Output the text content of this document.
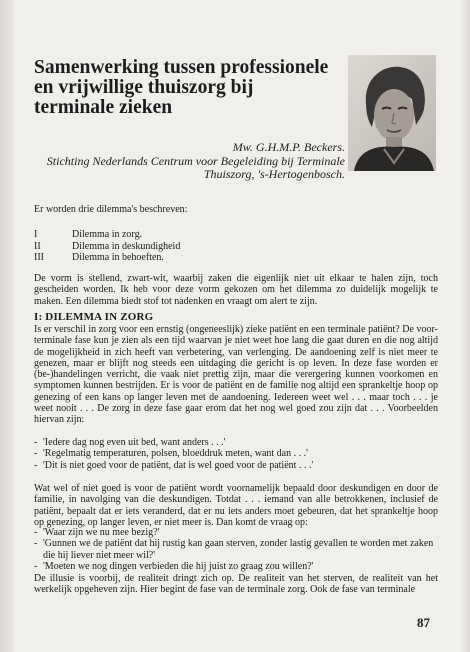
Samenwerking tussen professionele en vrijwillige thuiszorg bij terminale zieken
Mw. G.H.M.P. Beckers.
Stichting Nederlands Centrum voor Begeleiding bij Terminale Thuiszorg, 's-Hertogenbosch.

Er worden drie dilemma's beschreven:

I	Dilemma in zorg.
II	Dilemma in deskundigheid
III	Dilemma in behoeften.

De vorm is stellend, zwart-wit, waarbij zaken die eigenlijk niet uit elkaar te halen zijn, toch gescheiden worden. Ik heb voor deze vorm gekozen om het dilemma zo duidelijk mogelijk te maken. Een dilemma biedt stof tot nadenken en vraagt om alert te zijn.

I: DILEMMA IN ZORG

Is er verschil in zorg voor een ernstig (ongeneeslijk) zieke patiënt en een terminale patiënt? De voor-terminale fase kun je zien als een tijd waarvan je niet weet hoe lang die gaat duren en die nog altijd de mogelijkheid in zich heeft van verbetering, van verlenging. De aandoening zelf is niet meer te genezen, maar er blijft nog steeds een uitdaging die gericht is op leven. In deze fase worden er (be-)handelingen verricht, die vaak niet prettig zijn, maar die verergering kunnen voorkomen en symptomen kunnen bestrijden. Er is voor de patiënt en de familie nog altijd een sprankeltje hoop op genezing of een kans op langer leven met de aandoening. Iedereen weet wel . . . maar toch . . . je weet nooit . . . De zorg in deze fase gaar erom dat het nog wel goed zou zijn dat . . . Voorbeelden hiervan zijn:

- 'Iedere dag nog even uit bed, want anders . . .'
- 'Regelmatig temperaturen, polsen, bloeddruk meten, want dan . . .'
- 'Dit is niet goed voor de patiënt, dat is wel goed voor de patiënt . . .'

Wat wel of niet goed is voor de patiënt wordt voornamelijk bepaald door deskundigen en door de familie, in navolging van die deskundigen. Totdat . . . iemand van alle betrokkenen, inclusief de patiënt, bepaalt dat er iets veranderd, dat er nu iets anders moet gebeuren, dat het sprankeltje hoop op genezing, op langer leven, er niet meer is. Dan komt de vraag op:

- 'Waar zijn we nu mee bezig?'
- 'Gunnen we de patiënt dat hij rustig kan gaan sterven, zonder lastig gevallen te worden met zaken die hij liever niet meer wil?'
- 'Moeten we nog dingen verbieden die hij juist zo graag zou willen?'

De illusie is voorbij, de realiteit dringt zich op. De realiteit van het sterven, de realiteit van het werkelijk opgeheven zijn. Hier begint de fase van de terminale zorg. Ook de fase van terminale

87
